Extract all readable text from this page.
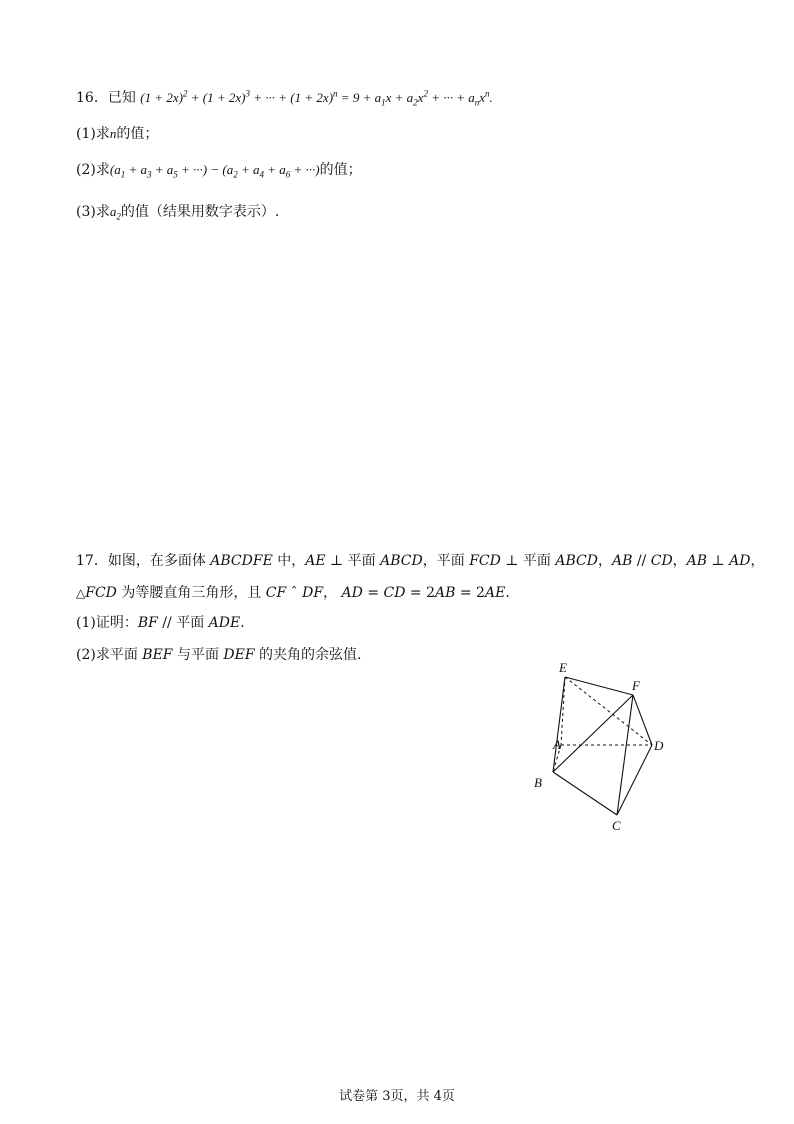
16．已知 $(1 + 2x)^2 + (1 + 2x)^3$ + ··· + $(1 + 2x)^n = 9 + a_1x + a_2x^2$ + ··· + $a_nx^n$.
(1)求n的值；
(2)求($a_1 + a_3 + a_5$ + ···) − ($a_2 + a_4 + a_6$ + ···)的值；
(3)求$a_2$的值（结果用数字表示）.
17．如图，在多面体 ABCDFE 中，AE ⊥ 平面 ABCD，平面 FCD ⊥ 平面 ABCD，AB // CD，AB ⊥ AD，
△FCD 为等腰直角三角形，且 CF ˆ DF， AD = CD = 2AB = 2AE.
(1)证明：BF // 平面 ADE.
(2)求平面 BEF 与平面 DEF 的夹角的余弦值.
E
F
A	D
B
C
试卷第 3页，共 4页
